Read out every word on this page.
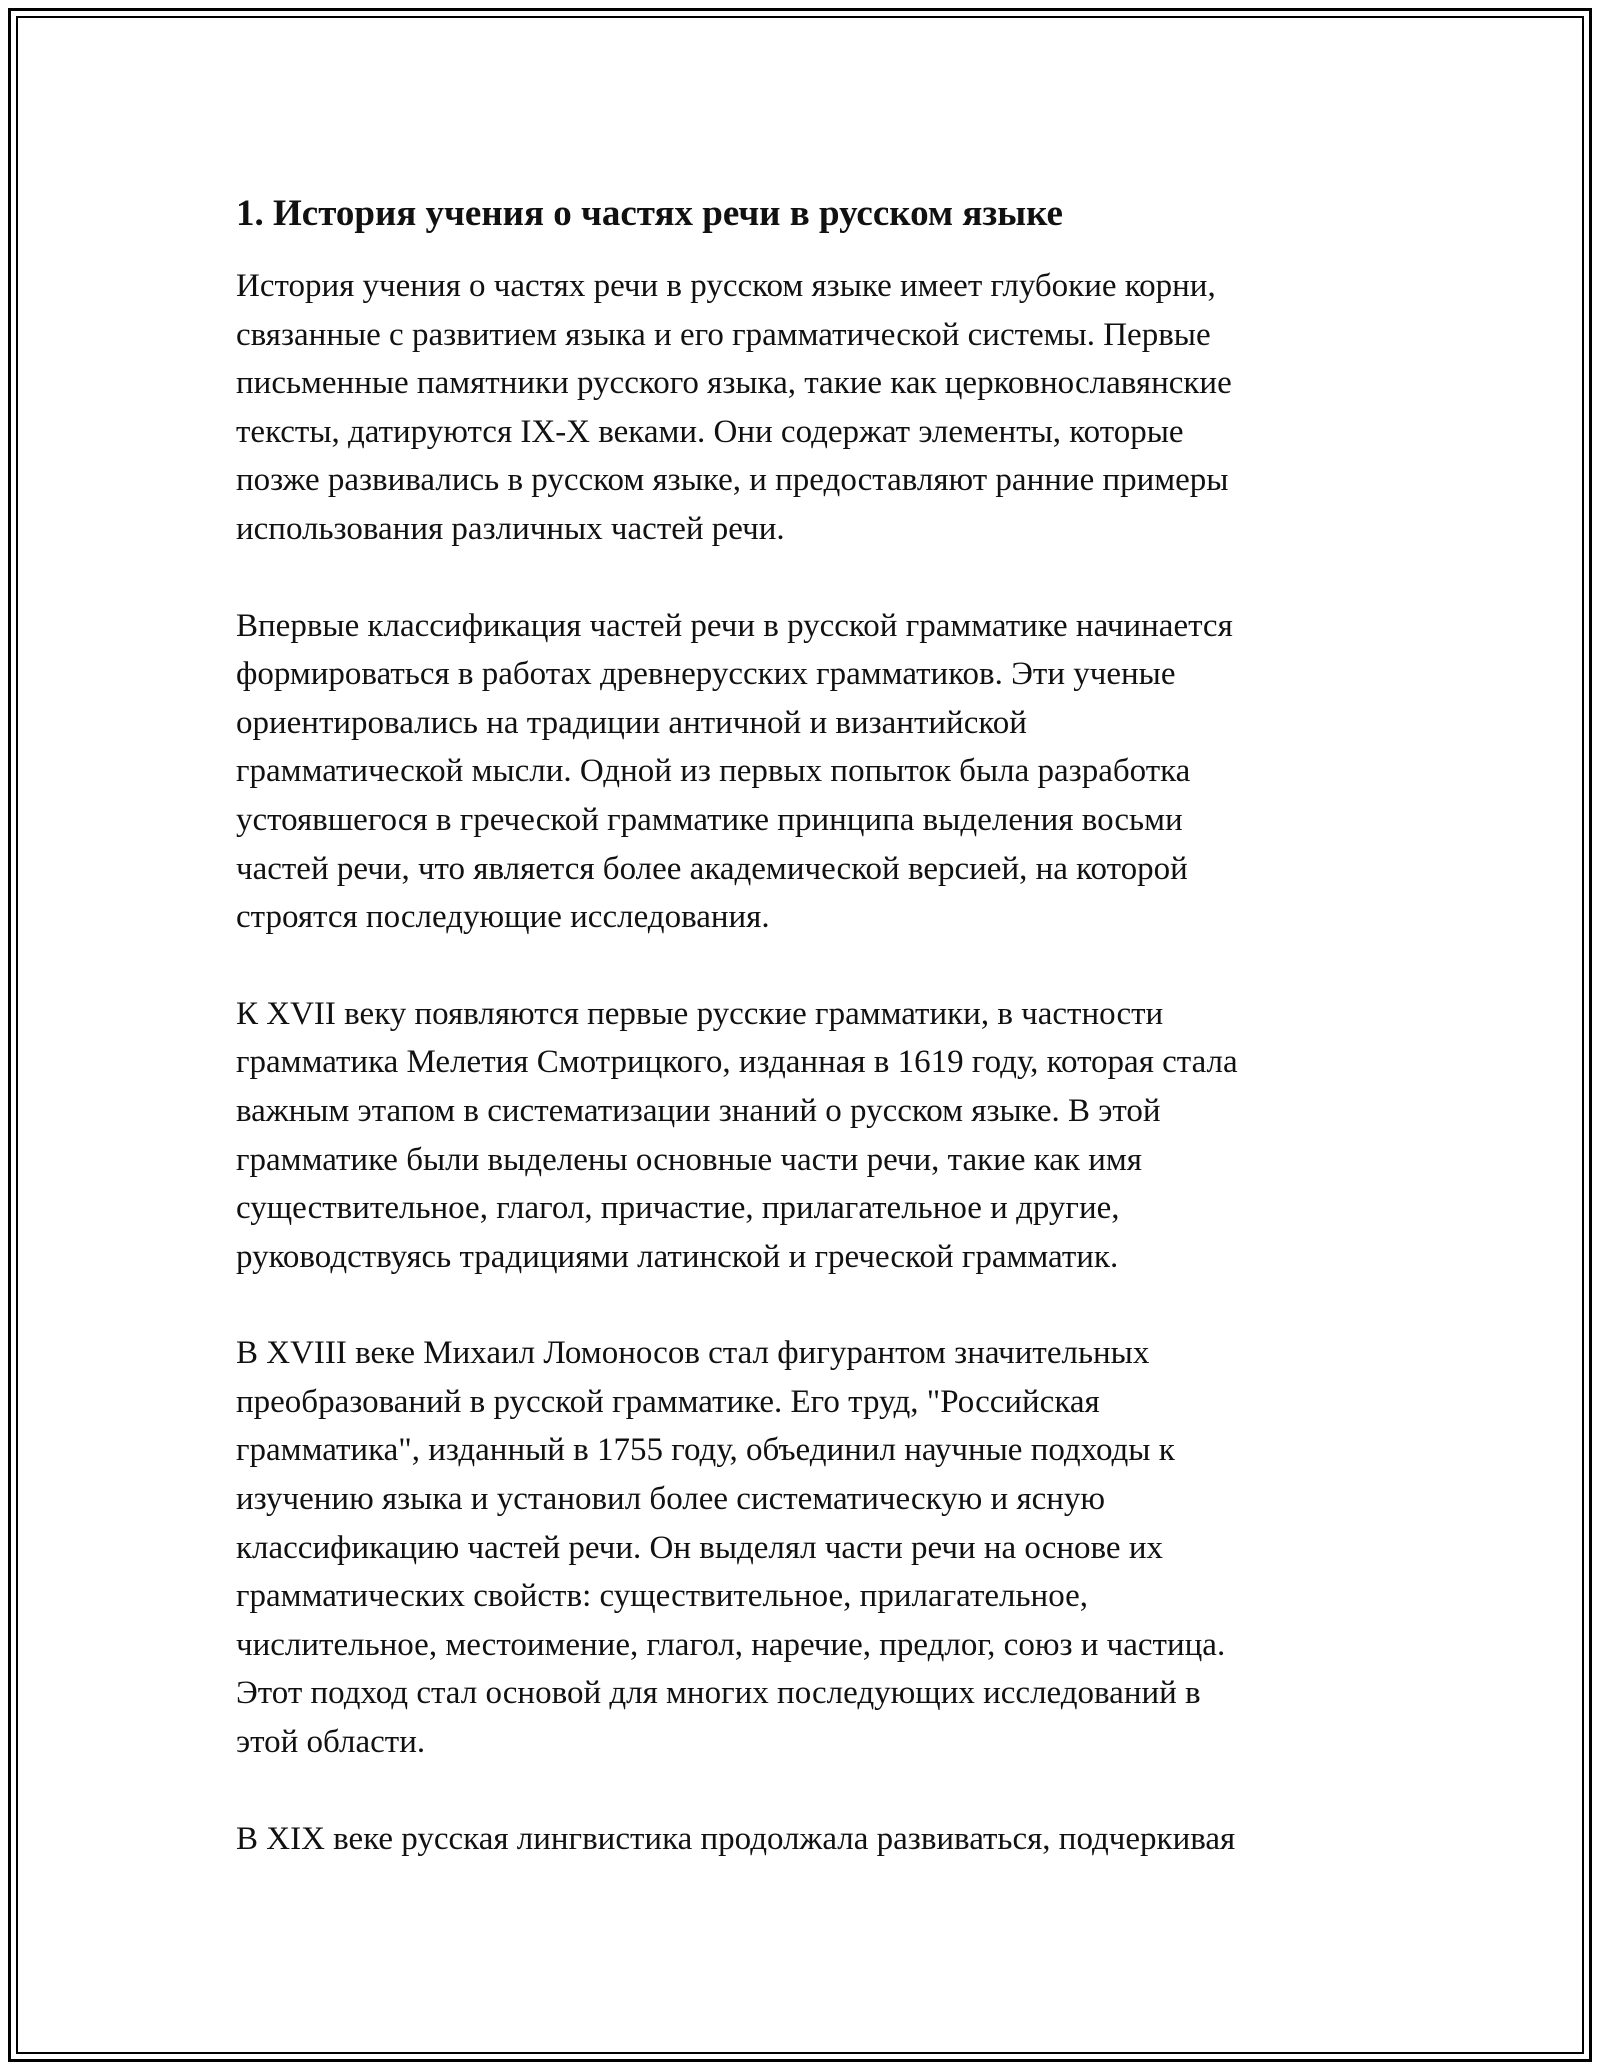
1. История учения о частях речи в русском языке

История учения о частях речи в русском языке имеет глубокие корни,
связанные с развитием языка и его грамматической системы. Первые
письменные памятники русского языка, такие как церковнославянские
тексты, датируются IX-X веками. Они содержат элементы, которые
позже развивались в русском языке, и предоставляют ранние примеры
использования различных частей речи.

Впервые классификация частей речи в русской грамматике начинается
формироваться в работах древнерусских грамматиков. Эти ученые
ориентировались на традиции античной и византийской
грамматической мысли. Одной из первых попыток была разработка
устоявшегося в греческой грамматике принципа выделения восьми
частей речи, что является более академической версией, на которой
строятся последующие исследования.

К XVII веку появляются первые русские грамматики, в частности
грамматика Мелетия Смотрицкого, изданная в 1619 году, которая стала
важным этапом в систематизации знаний о русском языке. В этой
грамматике были выделены основные части речи, такие как имя
существительное, глагол, причастие, прилагательное и другие,
руководствуясь традициями латинской и греческой грамматик.

В XVIII веке Михаил Ломоносов стал фигурантом значительных
преобразований в русской грамматике. Его труд, "Российская
грамматика", изданный в 1755 году, объединил научные подходы к
изучению языка и установил более систематическую и ясную
классификацию частей речи. Он выделял части речи на основе их
грамматических свойств: существительное, прилагательное,
числительное, местоимение, глагол, наречие, предлог, союз и частица.
Этот подход стал основой для многих последующих исследований в
этой области.

В XIX веке русская лингвистика продолжала развиваться, подчеркивая
